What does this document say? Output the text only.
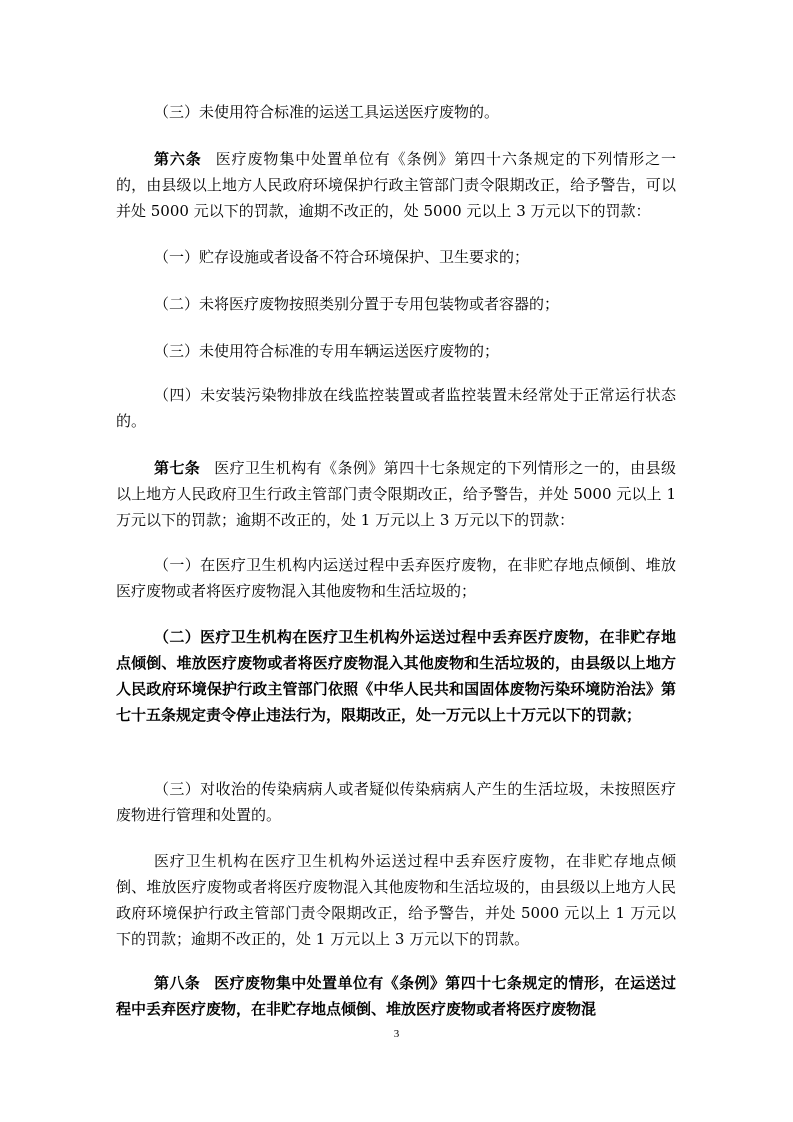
（三）未使用符合标准的运送工具运送医疗废物的。

第六条 医疗废物集中处置单位有《条例》第四十六条规定的下列情形之一的，由县级以上地方人民政府环境保护行政主管部门责令限期改正，给予警告，可以并处 5000 元以下的罚款，逾期不改正的，处 5000 元以上 3 万元以下的罚款：

（一）贮存设施或者设备不符合环境保护、卫生要求的；

（二）未将医疗废物按照类别分置于专用包装物或者容器的；

（三）未使用符合标准的专用车辆运送医疗废物的；

（四）未安装污染物排放在线监控装置或者监控装置未经常处于正常运行状态的。

第七条 医疗卫生机构有《条例》第四十七条规定的下列情形之一的，由县级以上地方人民政府卫生行政主管部门责令限期改正，给予警告，并处 5000 元以上 1 万元以下的罚款；逾期不改正的，处 1 万元以上 3 万元以下的罚款：

（一）在医疗卫生机构内运送过程中丢弃医疗废物，在非贮存地点倾倒、堆放医疗废物或者将医疗废物混入其他废物和生活垃圾的；

（二）医疗卫生机构在医疗卫生机构外运送过程中丢弃医疗废物，在非贮存地点倾倒、堆放医疗废物或者将医疗废物混入其他废物和生活垃圾的，由县级以上地方人民政府环境保护行政主管部门依照《中华人民共和国固体废物污染环境防治法》第七十五条规定责令停止违法行为，限期改正，处一万元以上十万元以下的罚款；

（三）对收治的传染病病人或者疑似传染病病人产生的生活垃圾，未按照医疗废物进行管理和处置的。

医疗卫生机构在医疗卫生机构外运送过程中丢弃医疗废物，在非贮存地点倾倒、堆放医疗废物或者将医疗废物混入其他废物和生活垃圾的，由县级以上地方人民政府环境保护行政主管部门责令限期改正，给予警告，并处 5000 元以上 1 万元以下的罚款；逾期不改正的，处 1 万元以上 3 万元以下的罚款。

第八条 医疗废物集中处置单位有《条例》第四十七条规定的情形，在运送过程中丢弃医疗废物，在非贮存地点倾倒、堆放医疗废物或者将医疗废物混

3
